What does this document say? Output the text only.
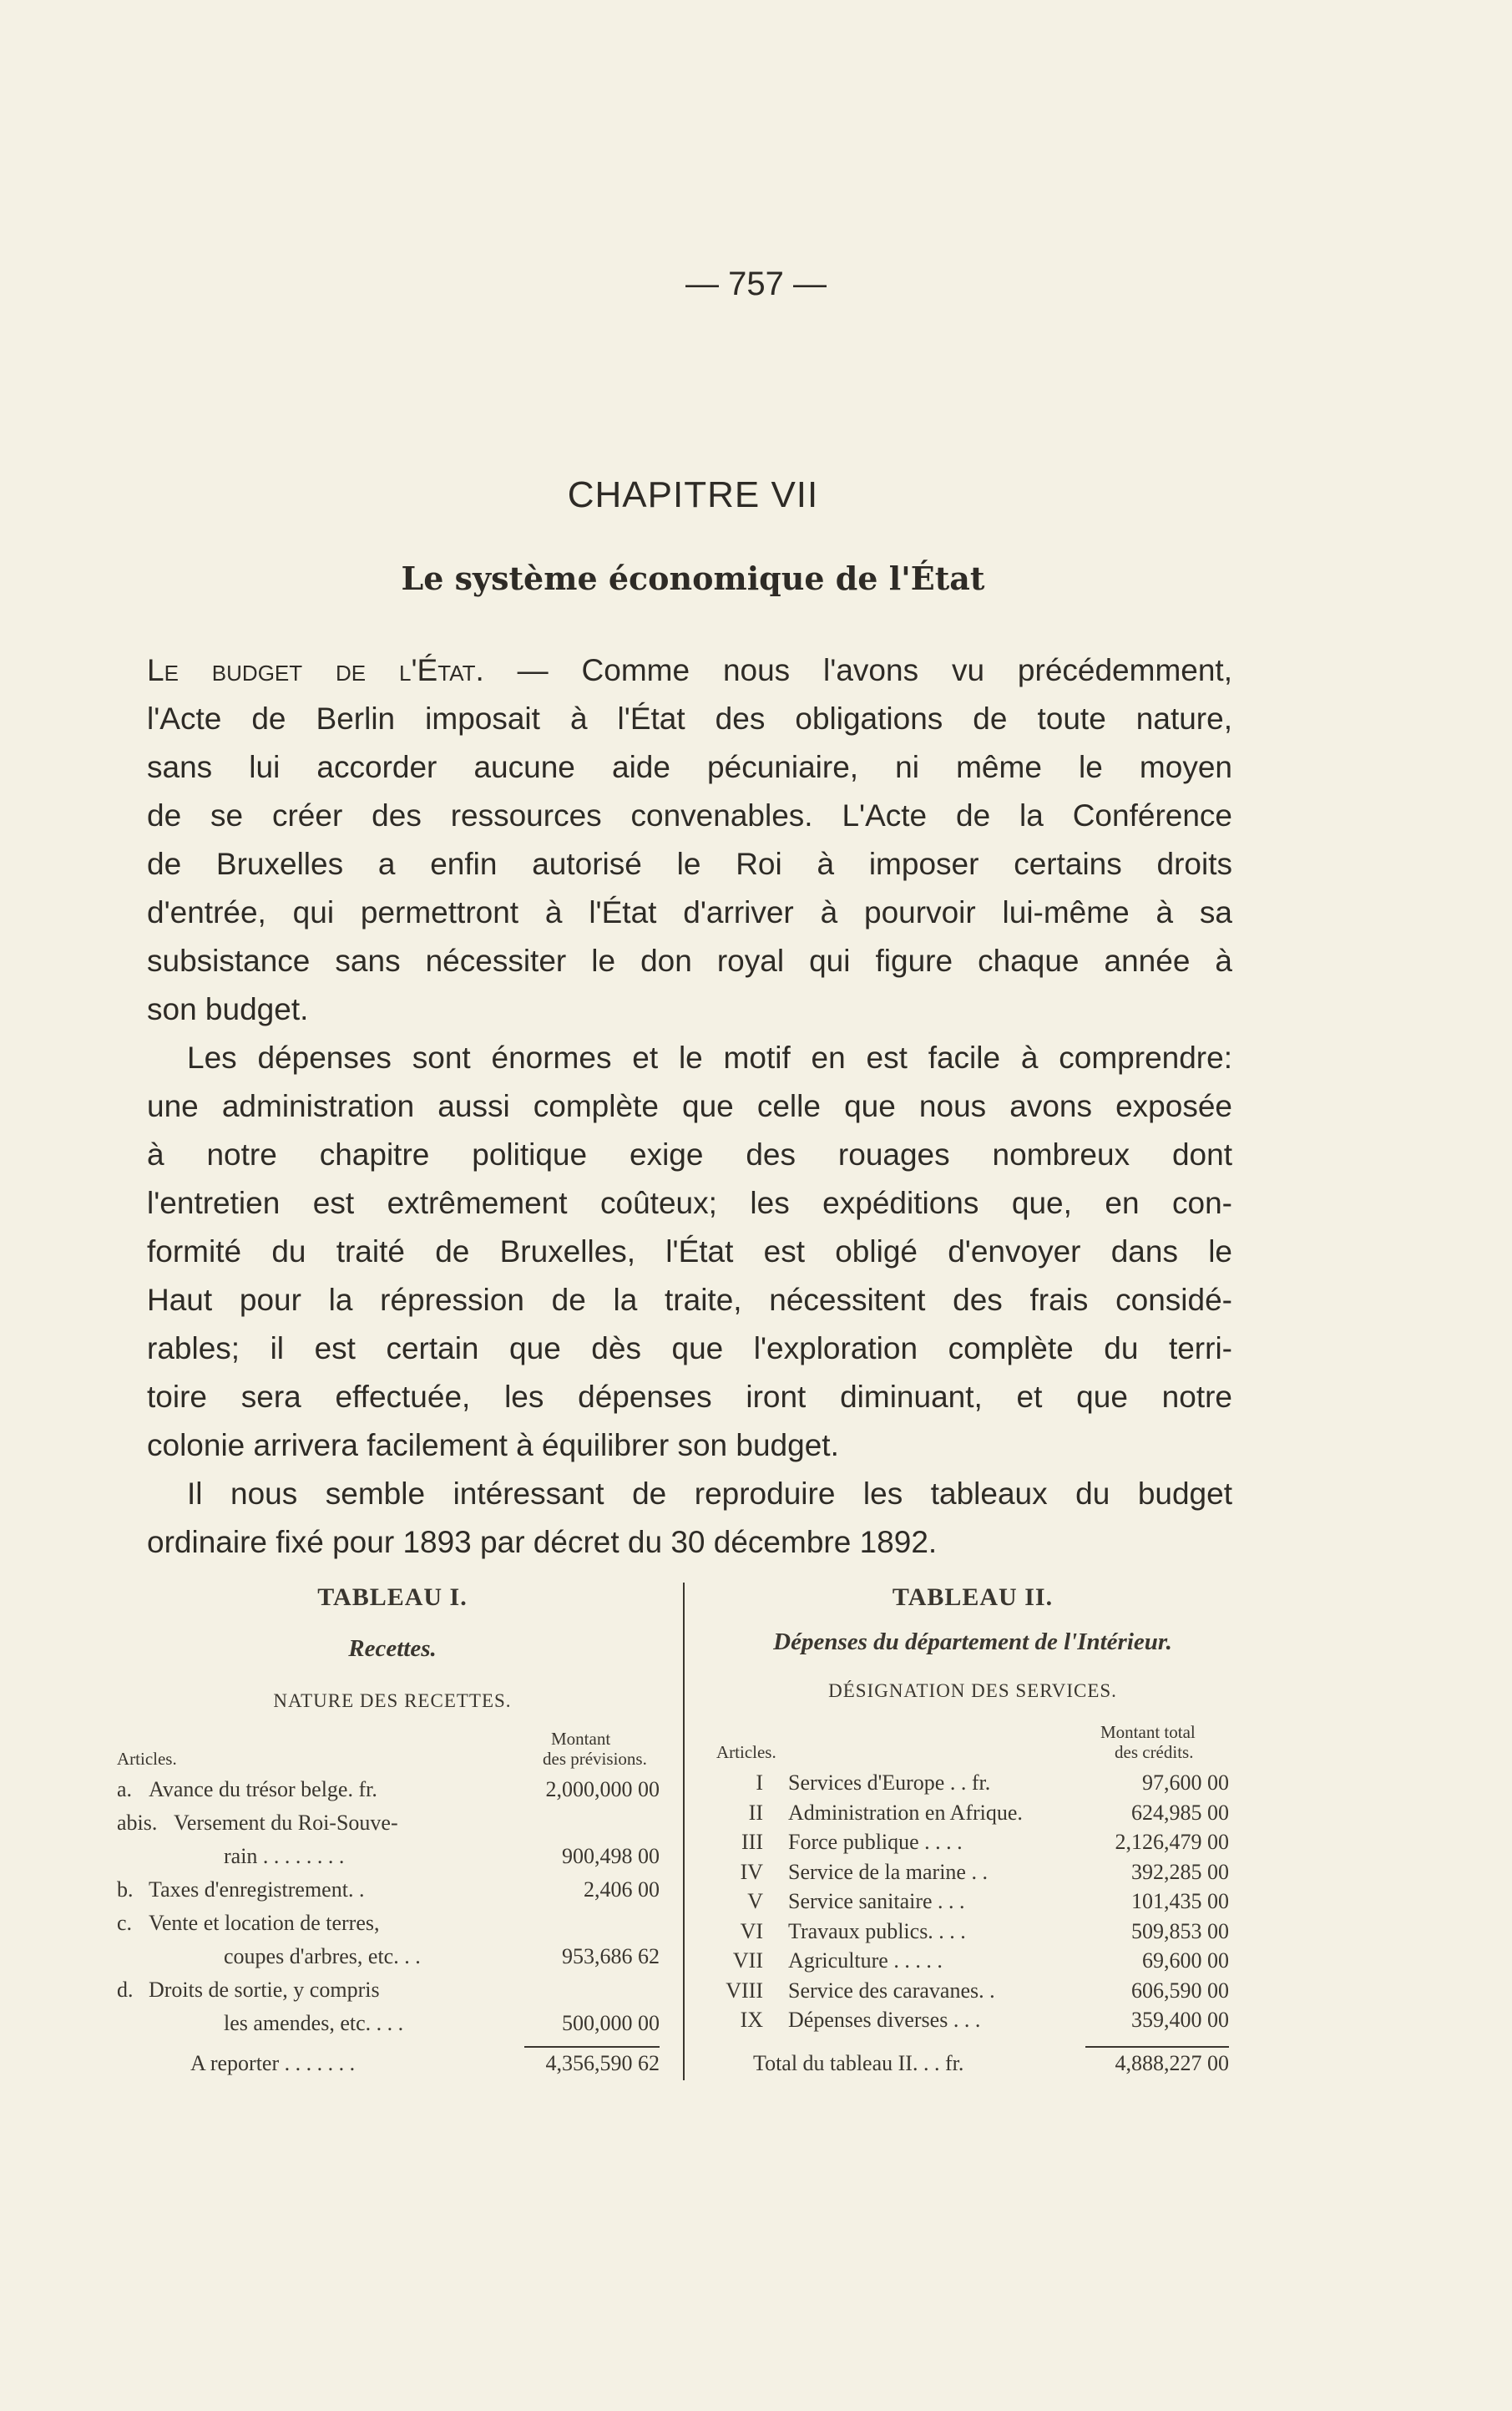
— 757 —
CHAPITRE VII
Le système économique de l'État
Le budget de l'État. — Comme nous l'avons vu précédemment,
l'Acte de Berlin imposait à l'État des obligations de toute nature,
sans lui accorder aucune aide pécuniaire, ni même le moyen
de se créer des ressources convenables. L'Acte de la Conférence
de Bruxelles a enfin autorisé le Roi à imposer certains droits
d'entrée, qui permettront à l'État d'arriver à pourvoir lui-même à sa
subsistance sans nécessiter le don royal qui figure chaque année à
son budget.
Les dépenses sont énormes et le motif en est facile à comprendre:
une administration aussi complète que celle que nous avons exposée
à notre chapitre politique exige des rouages nombreux dont
l'entretien est extrêmement coûteux; les expéditions que, en con-
formité du traité de Bruxelles, l'État est obligé d'envoyer dans le
Haut pour la répression de la traite, nécessitent des frais considé-
rables; il est certain que dès que l'exploration complète du terri-
toire sera effectuée, les dépenses iront diminuant, et que notre
colonie arrivera facilement à équilibrer son budget.
Il nous semble intéressant de reproduire les tableaux du budget
ordinaire fixé pour 1893 par décret du 30 décembre 1892.
TABLEAU I.
Recettes.
NATURE DES RECETTES.
Montant
des prévisions.
Articles.
a. Avance du trésor belge. fr.	2,000,000 00
abis. Versement du Roi-Souve-
rain . . . . . . . .	900,498 00
b. Taxes d'enregistrement. .	2,406 00
c. Vente et location de terres,
coupes d'arbres, etc. . .	953,686 62
d. Droits de sortie, y compris
les amendes, etc. . . .	500,000 00
A reporter . . . . . . .	4,356,590 62
TABLEAU II.
Dépenses du département de l'Intérieur.
DÉSIGNATION DES SERVICES.
Montant total
des crédits.
Articles.
I Services d'Europe . . fr.	97,600 00
II Administration en Afrique.	624,985 00
III Force publique . . . .	2,126,479 00
IV Service de la marine . .	392,285 00
V Service sanitaire . . .	101,435 00
VI Travaux publics. . . .	509,853 00
VII Agriculture . . . . .	69,600 00
VIII Service des caravanes. .	606,590 00
IX Dépenses diverses . . .	359,400 00
Total du tableau II. . . fr.	4,888,227 00
